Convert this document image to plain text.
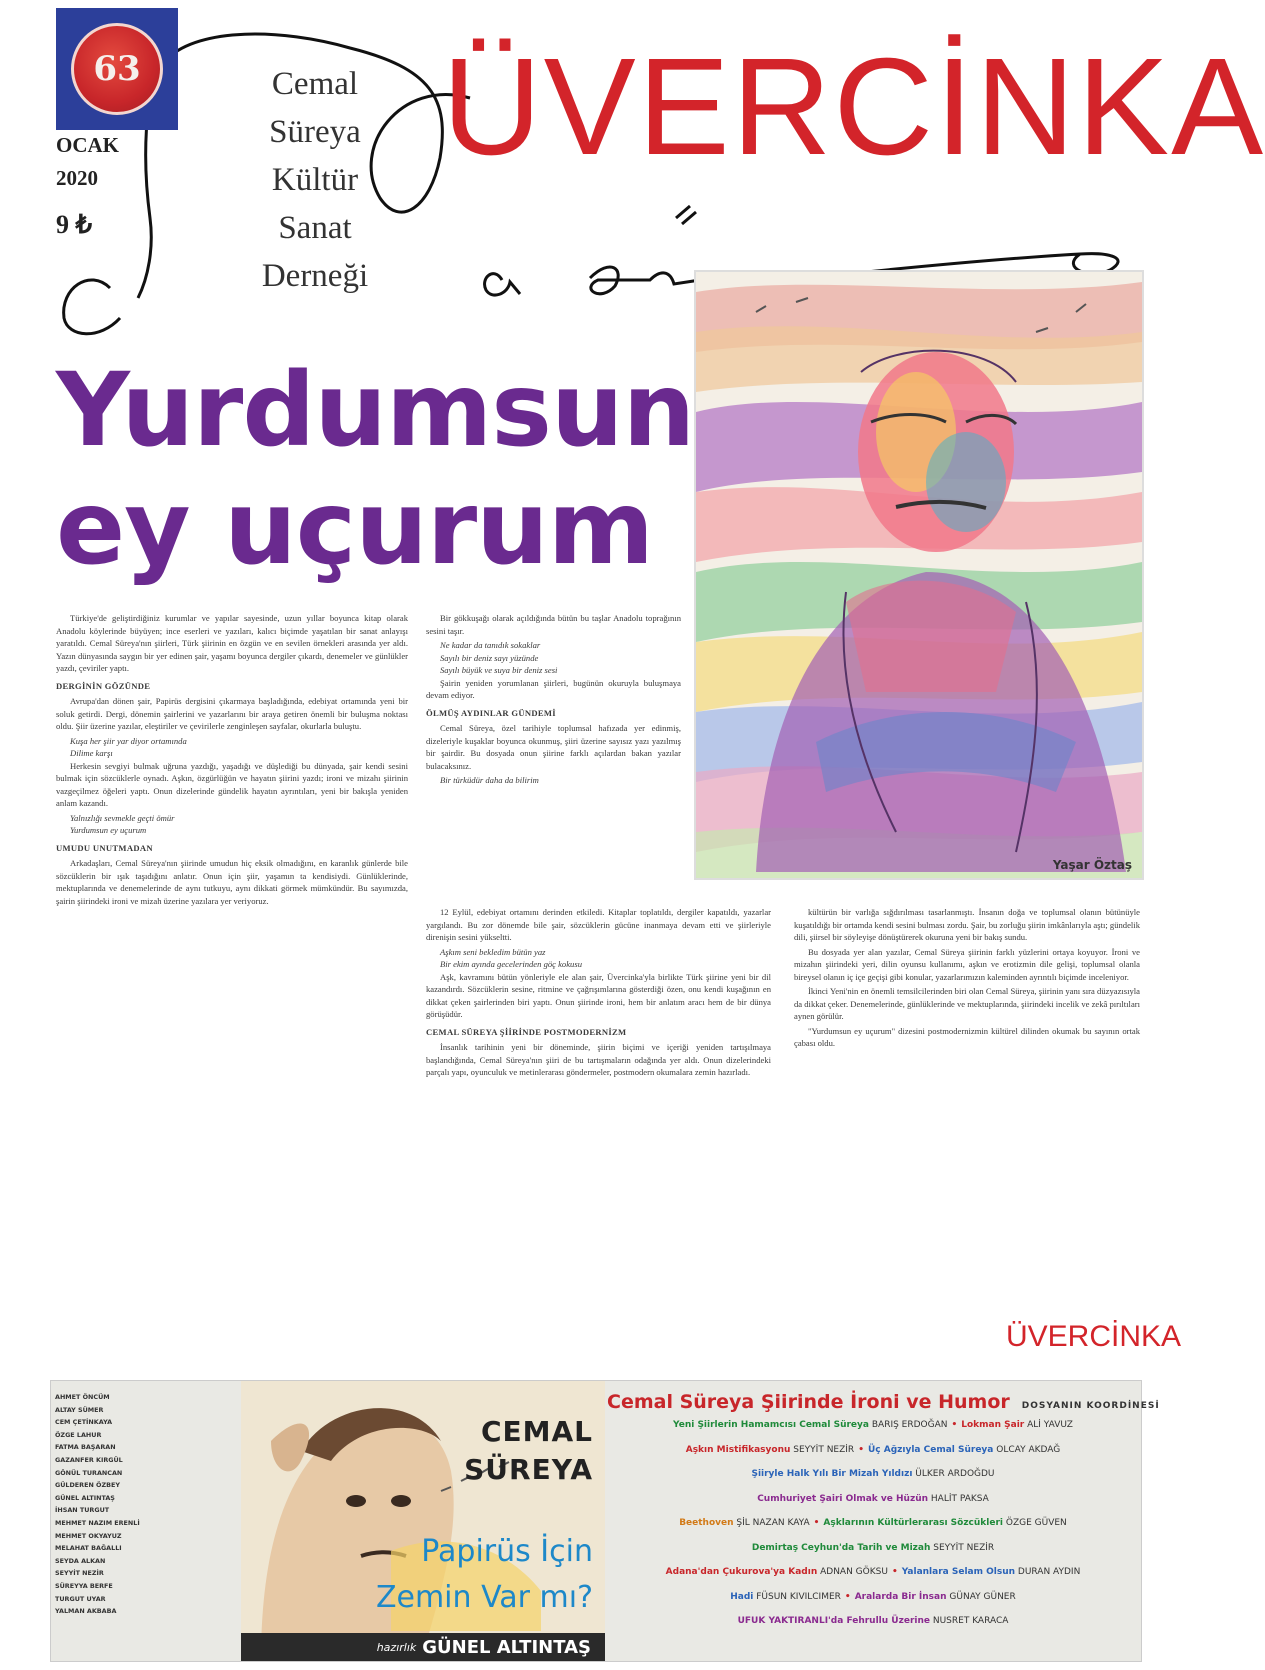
63
OCAK
2020
9 ₺
Cemal
Süreya
Kültür
Sanat
Derneği
ÜVERCİNKA
Yurdumsun
ey uçurum
Yaşar Öztaş

Türkiye'de geliştirdiğiniz kurumlar ve yapılar sayesinde, uzun yıllar boyunca kitap olarak Anadolu köylerinde büyüyen; ince eserleri ve yazıları, kalıcı biçimde yaşatılan bir sanat anlayışı yaratıldı. Cemal Süreya'nın şiirleri, Türk şiirinin en özgün ve en sevilen örnekleri arasında yer aldı. Yazın dünyasında saygın bir yer edinen şair, yaşamı boyunca dergiler çıkardı, denemeler ve günlükler yazdı, çeviriler yaptı.

DERGİNİN GÖZÜNDE

Avrupa'dan dönen şair, Papirüs dergisini çıkarmaya başladığında, edebiyat ortamında yeni bir soluk getirdi. Dergi, dönemin şairlerini ve yazarlarını bir araya getiren önemli bir buluşma noktası oldu. Şiir üzerine yazılar, eleştiriler ve çevirilerle zenginleşen sayfalar, okurlarla buluştu.

Kuşa her şiir yar diyor ortamında

Dilime karşı

Herkesin sevgiyi bulmak uğruna yazdığı, yaşadığı ve düşlediği bu dünyada, şair kendi sesini bulmak için sözcüklerle oynadı. Aşkın, özgürlüğün ve hayatın şiirini yazdı; ironi ve mizahı şiirinin vazgeçilmez öğeleri yaptı. Onun dizelerinde gündelik hayatın ayrıntıları, yeni bir bakışla yeniden anlam kazandı.

Yalnızlığı sevmekle geçti ömür

Yurdumsun ey uçurum

UMUDU UNUTMADAN

Arkadaşları, Cemal Süreya'nın şiirinde umudun hiç eksik olmadığını, en karanlık günlerde bile sözcüklerin bir ışık taşıdığını anlatır. Onun için şiir, yaşamın ta kendisiydi. Günlüklerinde, mektuplarında ve denemelerinde de aynı tutkuyu, aynı dikkati görmek mümkündür. Bu sayımızda, şairin şiirindeki ironi ve mizah üzerine yazılara yer veriyoruz.

Bir gökkuşağı olarak açıldığında bütün bu taşlar Anadolu toprağının sesini taşır.

Ne kadar da tanıdık sokaklar

Sayılı bir deniz sayı yüzünde

Sayılı büyük ve suya bir deniz sesi

Şairin yeniden yorumlanan şiirleri, bugünün okuruyla buluşmaya devam ediyor.

ÖLMÜŞ AYDINLAR GÜNDEMİ

Cemal Süreya, özel tarihiyle toplumsal hafızada yer edinmiş, dizeleriyle kuşaklar boyunca okunmuş, şiiri üzerine sayısız yazı yazılmış bir şairdir. Bu dosyada onun şiirine farklı açılardan bakan yazılar bulacaksınız.

Bir türküdür daha da bilirim

12 Eylül, edebiyat ortamını derinden etkiledi. Kitaplar toplatıldı, dergiler kapatıldı, yazarlar yargılandı. Bu zor dönemde bile şair, sözcüklerin gücüne inanmaya devam etti ve şiirleriyle direnişin sesini yükseltti.

Aşkım seni bekledim bütün yaz

Bir ekim ayında gecelerinden göç kokusu

Aşk, kavramını bütün yönleriyle ele alan şair, Üvercinka'yla birlikte Türk şiirine yeni bir dil kazandırdı. Sözcüklerin sesine, ritmine ve çağrışımlarına gösterdiği özen, onu kendi kuşağının en dikkat çeken şairlerinden biri yaptı. Onun şiirinde ironi, hem bir anlatım aracı hem de bir dünya görüşüdür.

CEMAL SÜREYA ŞİİRİNDE POSTMODERNİZM

İnsanlık tarihinin yeni bir döneminde, şiirin biçimi ve içeriği yeniden tartışılmaya başlandığında, Cemal Süreya'nın şiiri de bu tartışmaların odağında yer aldı. Onun dizelerindeki parçalı yapı, oyunculuk ve metinlerarası göndermeler, postmodern okumalara zemin hazırladı.

kültürün bir varlığa sığdırılması tasarlanmıştı. İnsanın doğa ve toplumsal olanın bütünüyle kuşatıldığı bir ortamda kendi sesini bulması zordu. Şair, bu zorluğu şiirin imkânlarıyla aştı; gündelik dili, şiirsel bir söyleyişe dönüştürerek okuruna yeni bir bakış sundu.

Bu dosyada yer alan yazılar, Cemal Süreya şiirinin farklı yüzlerini ortaya koyuyor. İroni ve mizahın şiirindeki yeri, dilin oyunsu kullanımı, aşkın ve erotizmin dile gelişi, toplumsal olanla bireysel olanın iç içe geçişi gibi konular, yazarlarımızın kaleminden ayrıntılı biçimde inceleniyor.

İkinci Yeni'nin en önemli temsilcilerinden biri olan Cemal Süreya, şiirinin yanı sıra düzyazısıyla da dikkat çeker. Denemelerinde, günlüklerinde ve mektuplarında, şiirindeki incelik ve zekâ pırıltıları aynen görülür.

"Yurdumsun ey uçurum" dizesini postmodernizmin kültürel dilinden okumak bu sayının ortak çabası oldu.

ÜVERCİNKA
AHMET ÖNCÜM
ALTAY SÜMER
CEM ÇETİNKAYA
ÖZGE LAHUR
FATMA BAŞARAN
GAZANFER KIRGÜL
GÖNÜL TURANCAN
GÜLDEREN ÖZBEY
GÜNEL ALTINTAŞ
İHSAN TURGUT
MEHMET NAZIM ERENLİ
MEHMET OKYAYUZ
MELAHAT BAĞALLI
SEYDA ALKAN
SEYYİT NEZİR
SÜREYYA BERFE
TURGUT UYAR
YALMAN AKBABA
CEMAL
SÜREYA
Papirüs İçin
Zemin Var mı?
hazırlık GÜNEL ALTINTAŞ
Cemal Süreya Şiirinde İroni ve Humor DOSYANIN KOORDİNESİ
Yeni Şiirlerin Hamamcısı Cemal Süreya BARIŞ ERDOĞAN • Lokman Şair ALİ YAVUZ
Aşkın Mistifikasyonu SEYYİT NEZİR • Üç Ağzıyla Cemal Süreya OLCAY AKDAĞ
Şiiryle Halk Yılı Bir Mizah Yıldızı ÜLKER ARDOĞDU
Cumhuriyet Şairi Olmak ve Hüzün HALİT PAKSA
Beethoven ŞİL NAZAN KAYA • Aşklarının Kültürlerarası Sözcükleri ÖZGE GÜVEN
Demirtaş Ceyhun'da Tarih ve Mizah SEYYİT NEZİR
Adana'dan Çukurova'ya Kadın ADNAN GÖKSU • Yalanlara Selam Olsun DURAN AYDIN
Hadi FÜSUN KIVILCIMER • Aralarda Bir İnsan GÜNAY GÜNER
UFUK YAKTIRANLI'da Fehrullu Üzerine NUSRET KARACA
